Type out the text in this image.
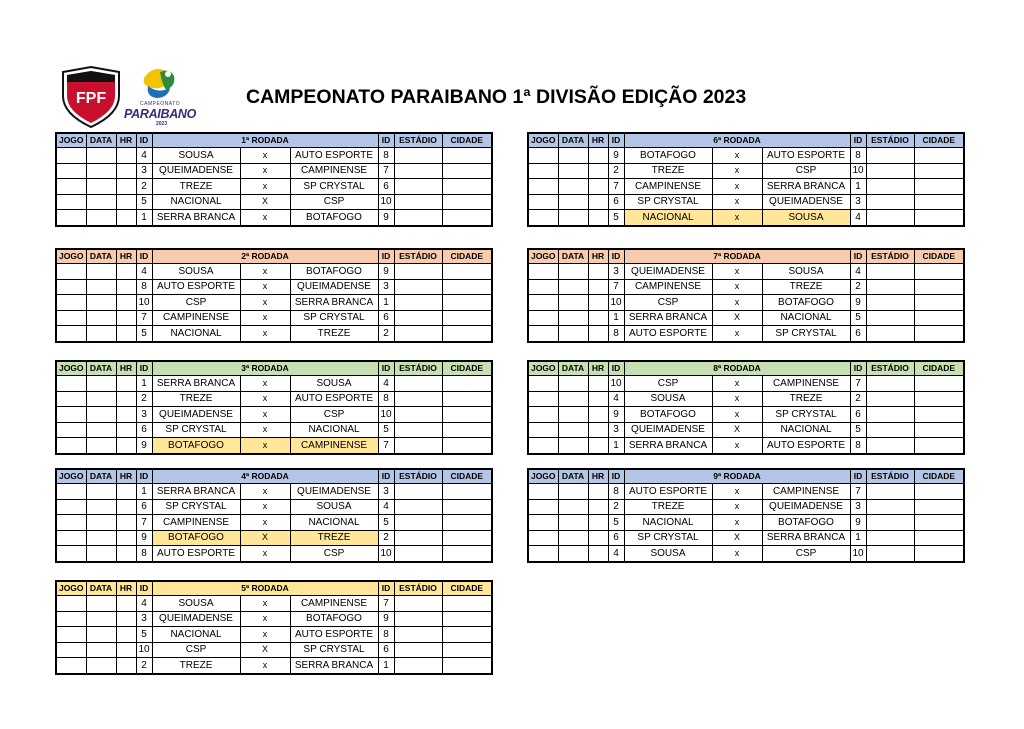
FPF	CAMPEONATO
PARAIBANO
2023
CAMPEONATO PARAIBANO 1ª DIVISÃO EDIÇÃO 2023
JOGO	DATA	HR	ID	1ª RODADA			ID	ESTÁDIO	CIDADE
			4	SOUSA	x	AUTO ESPORTE	8		
			3	QUEIMADENSE	x	CAMPINENSE	7		
			2	TREZE	x	SP CRYSTAL	6		
			5	NACIONAL	X	CSP	10		
			1	SERRA BRANCA	x	BOTAFOGO	9		
JOGO	DATA	HR	ID	2ª RODADA			ID	ESTÁDIO	CIDADE
			4	SOUSA	x	BOTAFOGO	9		
			8	AUTO ESPORTE	x	QUEIMADENSE	3		
			10	CSP	x	SERRA BRANCA	1		
			7	CAMPINENSE	x	SP CRYSTAL	6		
			5	NACIONAL	x	TREZE	2		
JOGO	DATA	HR	ID	3ª RODADA			ID	ESTÁDIO	CIDADE
			1	SERRA BRANCA	x	SOUSA	4		
			2	TREZE	x	AUTO ESPORTE	8		
			3	QUEIMADENSE	x	CSP	10		
			6	SP CRYSTAL	x	NACIONAL	5		
			9	BOTAFOGO	x	CAMPINENSE	7		
JOGO	DATA	HR	ID	4ª RODADA			ID	ESTÁDIO	CIDADE
			1	SERRA BRANCA	x	QUEIMADENSE	3		
			6	SP CRYSTAL	x	SOUSA	4		
			7	CAMPINENSE	x	NACIONAL	5		
			9	BOTAFOGO	X	TREZE	2		
			8	AUTO ESPORTE	x	CSP	10		
JOGO	DATA	HR	ID	5ª RODADA			ID	ESTÁDIO	CIDADE
			4	SOUSA	x	CAMPINENSE	7		
			3	QUEIMADENSE	x	BOTAFOGO	9		
			5	NACIONAL	x	AUTO ESPORTE	8		
			10	CSP	X	SP CRYSTAL	6		
			2	TREZE	x	SERRA BRANCA	1		
JOGO	DATA	HR	ID	6ª RODADA			ID	ESTÁDIO	CIDADE
			9	BOTAFOGO	x	AUTO ESPORTE	8		
			2	TREZE	x	CSP	10		
			7	CAMPINENSE	x	SERRA BRANCA	1		
			6	SP CRYSTAL	x	QUEIMADENSE	3		
			5	NACIONAL	x	SOUSA	4		
JOGO	DATA	HR	ID	7ª RODADA			ID	ESTÁDIO	CIDADE
			3	QUEIMADENSE	x	SOUSA	4		
			7	CAMPINENSE	x	TREZE	2		
			10	CSP	x	BOTAFOGO	9		
			1	SERRA BRANCA	X	NACIONAL	5		
			8	AUTO ESPORTE	x	SP CRYSTAL	6		
JOGO	DATA	HR	ID	8ª RODADA			ID	ESTÁDIO	CIDADE
			10	CSP	x	CAMPINENSE	7		
			4	SOUSA	x	TREZE	2		
			9	BOTAFOGO	x	SP CRYSTAL	6		
			3	QUEIMADENSE	X	NACIONAL	5		
			1	SERRA BRANCA	x	AUTO ESPORTE	8		
JOGO	DATA	HR	ID	9ª RODADA			ID	ESTÁDIO	CIDADE
			8	AUTO ESPORTE	x	CAMPINENSE	7		
			2	TREZE	x	QUEIMADENSE	3		
			5	NACIONAL	x	BOTAFOGO	9		
			6	SP CRYSTAL	X	SERRA BRANCA	1		
			4	SOUSA	x	CSP	10		
